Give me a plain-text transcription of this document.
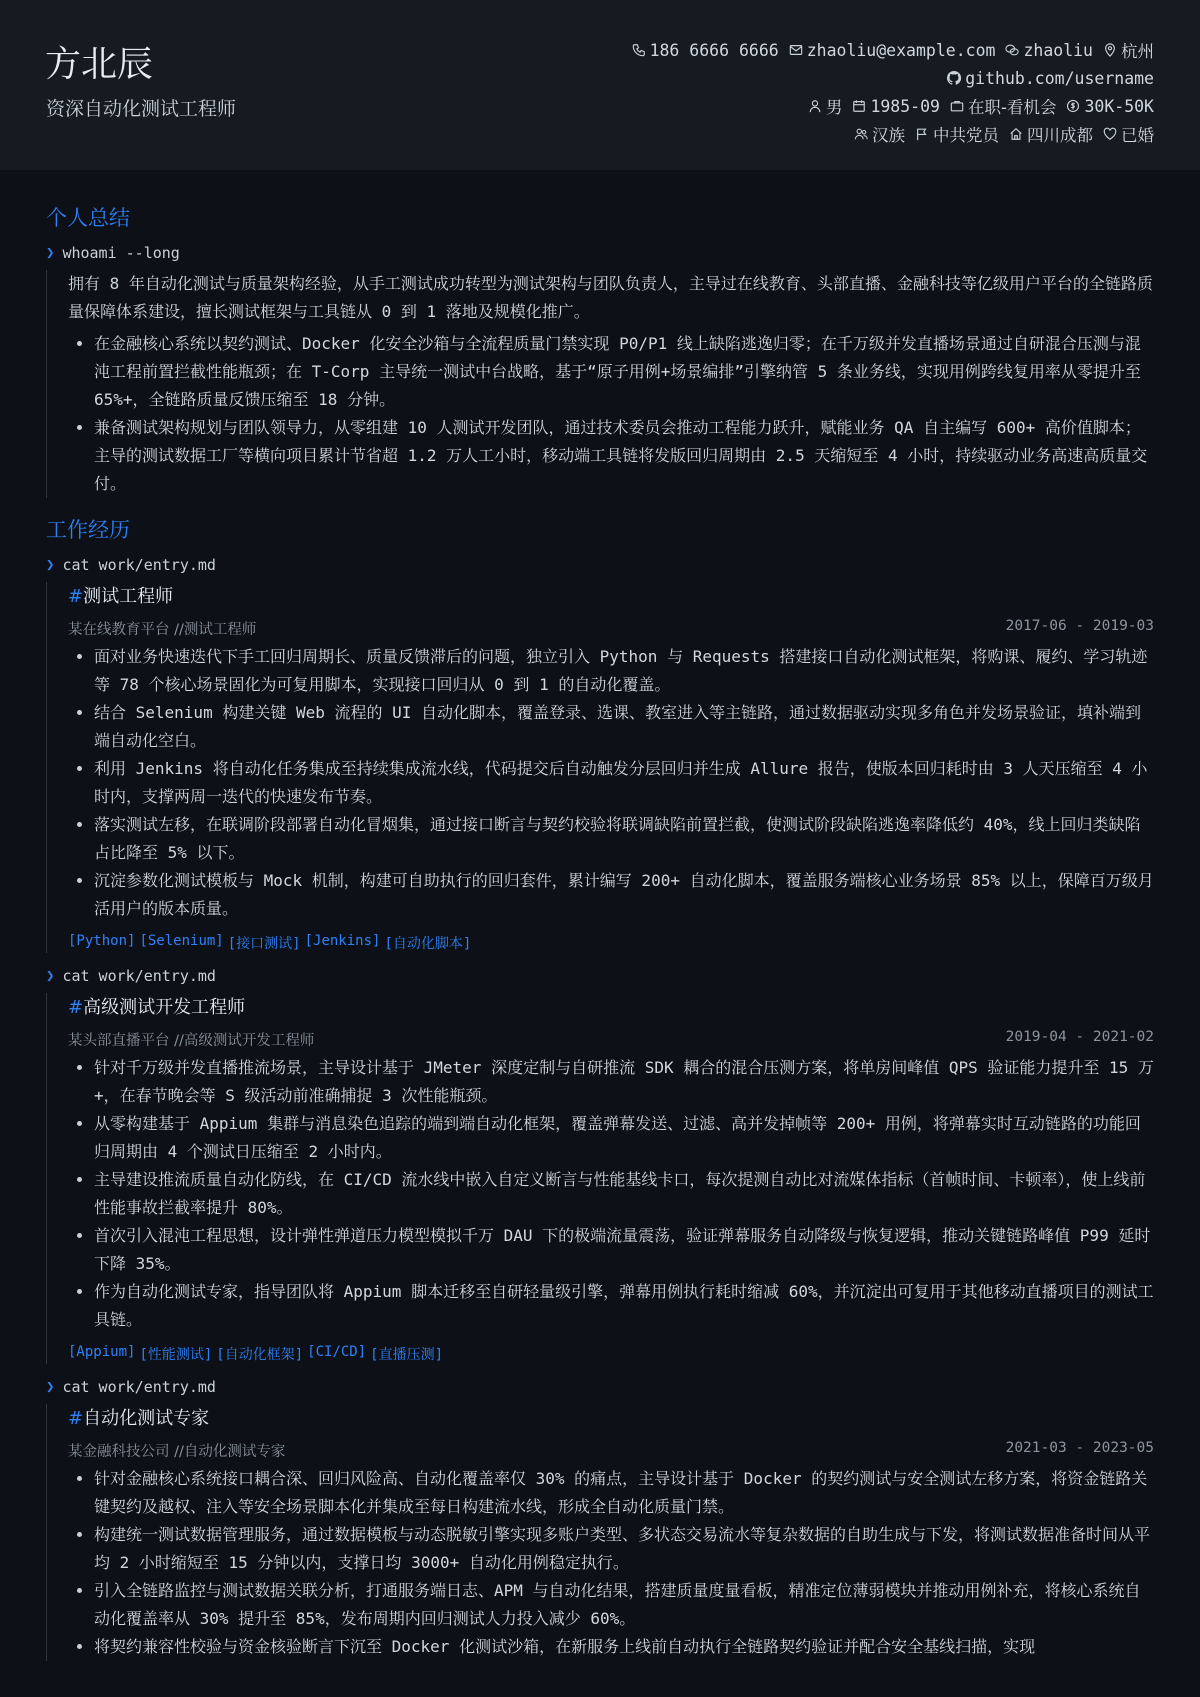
方北辰
资深自动化测试工程师
186 6666 6666 zhaoliu@example.com zhaoliu 杭州
github.com/username
男 1985-09 在职-看机会 30K-50K
汉族 中共党员 四川成都 已婚
个人总结
❯ whoami --long
拥有 8 年自动化测试与质量架构经验，从手工测试成功转型为测试架构与团队负责人，主导过在线教育、头部直播、金融科技等亿级用户平台的全链路质量保障体系建设，擅长测试框架与工具链从 0 到 1 落地及规模化推广。
• 在金融核心系统以契约测试、Docker 化安全沙箱与全流程质量门禁实现 P0/P1 线上缺陷逃逸归零；在千万级并发直播场景通过自研混合压测与混沌工程前置拦截性能瓶颈；在 T-Corp 主导统一测试中台战略，基于“原子用例+场景编排”引擎纳管 5 条业务线，实现用例跨线复用率从零提升至 65%+，全链路质量反馈压缩至 18 分钟。
• 兼备测试架构规划与团队领导力，从零组建 10 人测试开发团队，通过技术委员会推动工程能力跃升，赋能业务 QA 自主编写 600+ 高价值脚本；主导的测试数据工厂等横向项目累计节省超 1.2 万人工小时，移动端工具链将发版回归周期由 2.5 天缩短至 4 小时，持续驱动业务高速高质量交付。
工作经历
❯ cat work/entry.md
#测试工程师
某在线教育平台 //测试工程师	2017-06 - 2019-03
• 面对业务快速迭代下手工回归周期长、质量反馈滞后的问题，独立引入 Python 与 Requests 搭建接口自动化测试框架，将购课、履约、学习轨迹等 78 个核心场景固化为可复用脚本，实现接口回归从 0 到 1 的自动化覆盖。
• 结合 Selenium 构建关键 Web 流程的 UI 自动化脚本，覆盖登录、选课、教室进入等主链路，通过数据驱动实现多角色并发场景验证，填补端到端自动化空白。
• 利用 Jenkins 将自动化任务集成至持续集成流水线，代码提交后自动触发分层回归并生成 Allure 报告，使版本回归耗时由 3 人天压缩至 4 小时内，支撑两周一迭代的快速发布节奏。
• 落实测试左移，在联调阶段部署自动化冒烟集，通过接口断言与契约校验将联调缺陷前置拦截，使测试阶段缺陷逃逸率降低约 40%，线上回归类缺陷占比降至 5% 以下。
• 沉淀参数化测试模板与 Mock 机制，构建可自助执行的回归套件，累计编写 200+ 自动化脚本，覆盖服务端核心业务场景 85% 以上，保障百万级月活用户的版本质量。
[Python] [Selenium] [接口测试] [Jenkins] [自动化脚本]
❯ cat work/entry.md
#高级测试开发工程师
某头部直播平台 //高级测试开发工程师	2019-04 - 2021-02
• 针对千万级并发直播推流场景，主导设计基于 JMeter 深度定制与自研推流 SDK 耦合的混合压测方案，将单房间峰值 QPS 验证能力提升至 15 万+，在春节晚会等 S 级活动前准确捕捉 3 次性能瓶颈。
• 从零构建基于 Appium 集群与消息染色追踪的端到端自动化框架，覆盖弹幕发送、过滤、高并发掉帧等 200+ 用例，将弹幕实时互动链路的功能回归周期由 4 个测试日压缩至 2 小时内。
• 主导建设推流质量自动化防线，在 CI/CD 流水线中嵌入自定义断言与性能基线卡口，每次提测自动比对流媒体指标（首帧时间、卡顿率），使上线前性能事故拦截率提升 80%。
• 首次引入混沌工程思想，设计弹性弹道压力模型模拟千万 DAU 下的极端流量震荡，验证弹幕服务自动降级与恢复逻辑，推动关键链路峰值 P99 延时下降 35%。
• 作为自动化测试专家，指导团队将 Appium 脚本迁移至自研轻量级引擎，弹幕用例执行耗时缩减 60%，并沉淀出可复用于其他移动直播项目的测试工具链。
[Appium] [性能测试] [自动化框架] [CI/CD] [直播压测]
❯ cat work/entry.md
#自动化测试专家
某金融科技公司 //自动化测试专家	2021-03 - 2023-05
• 针对金融核心系统接口耦合深、回归风险高、自动化覆盖率仅 30% 的痛点，主导设计基于 Docker 的契约测试与安全测试左移方案，将资金链路关键契约及越权、注入等安全场景脚本化并集成至每日构建流水线，形成全自动化质量门禁。
• 构建统一测试数据管理服务，通过数据模板与动态脱敏引擎实现多账户类型、多状态交易流水等复杂数据的自助生成与下发，将测试数据准备时间从平均 2 小时缩短至 15 分钟以内，支撑日均 3000+ 自动化用例稳定执行。
• 引入全链路监控与测试数据关联分析，打通服务端日志、APM 与自动化结果，搭建质量度量看板，精准定位薄弱模块并推动用例补充，将核心系统自动化覆盖率从 30% 提升至 85%，发布周期内回归测试人力投入减少 60%。
• 将契约兼容性校验与资金核验断言下沉至 Docker 化测试沙箱，在新服务上线前自动执行全链路契约验证并配合安全基线扫描，实现
